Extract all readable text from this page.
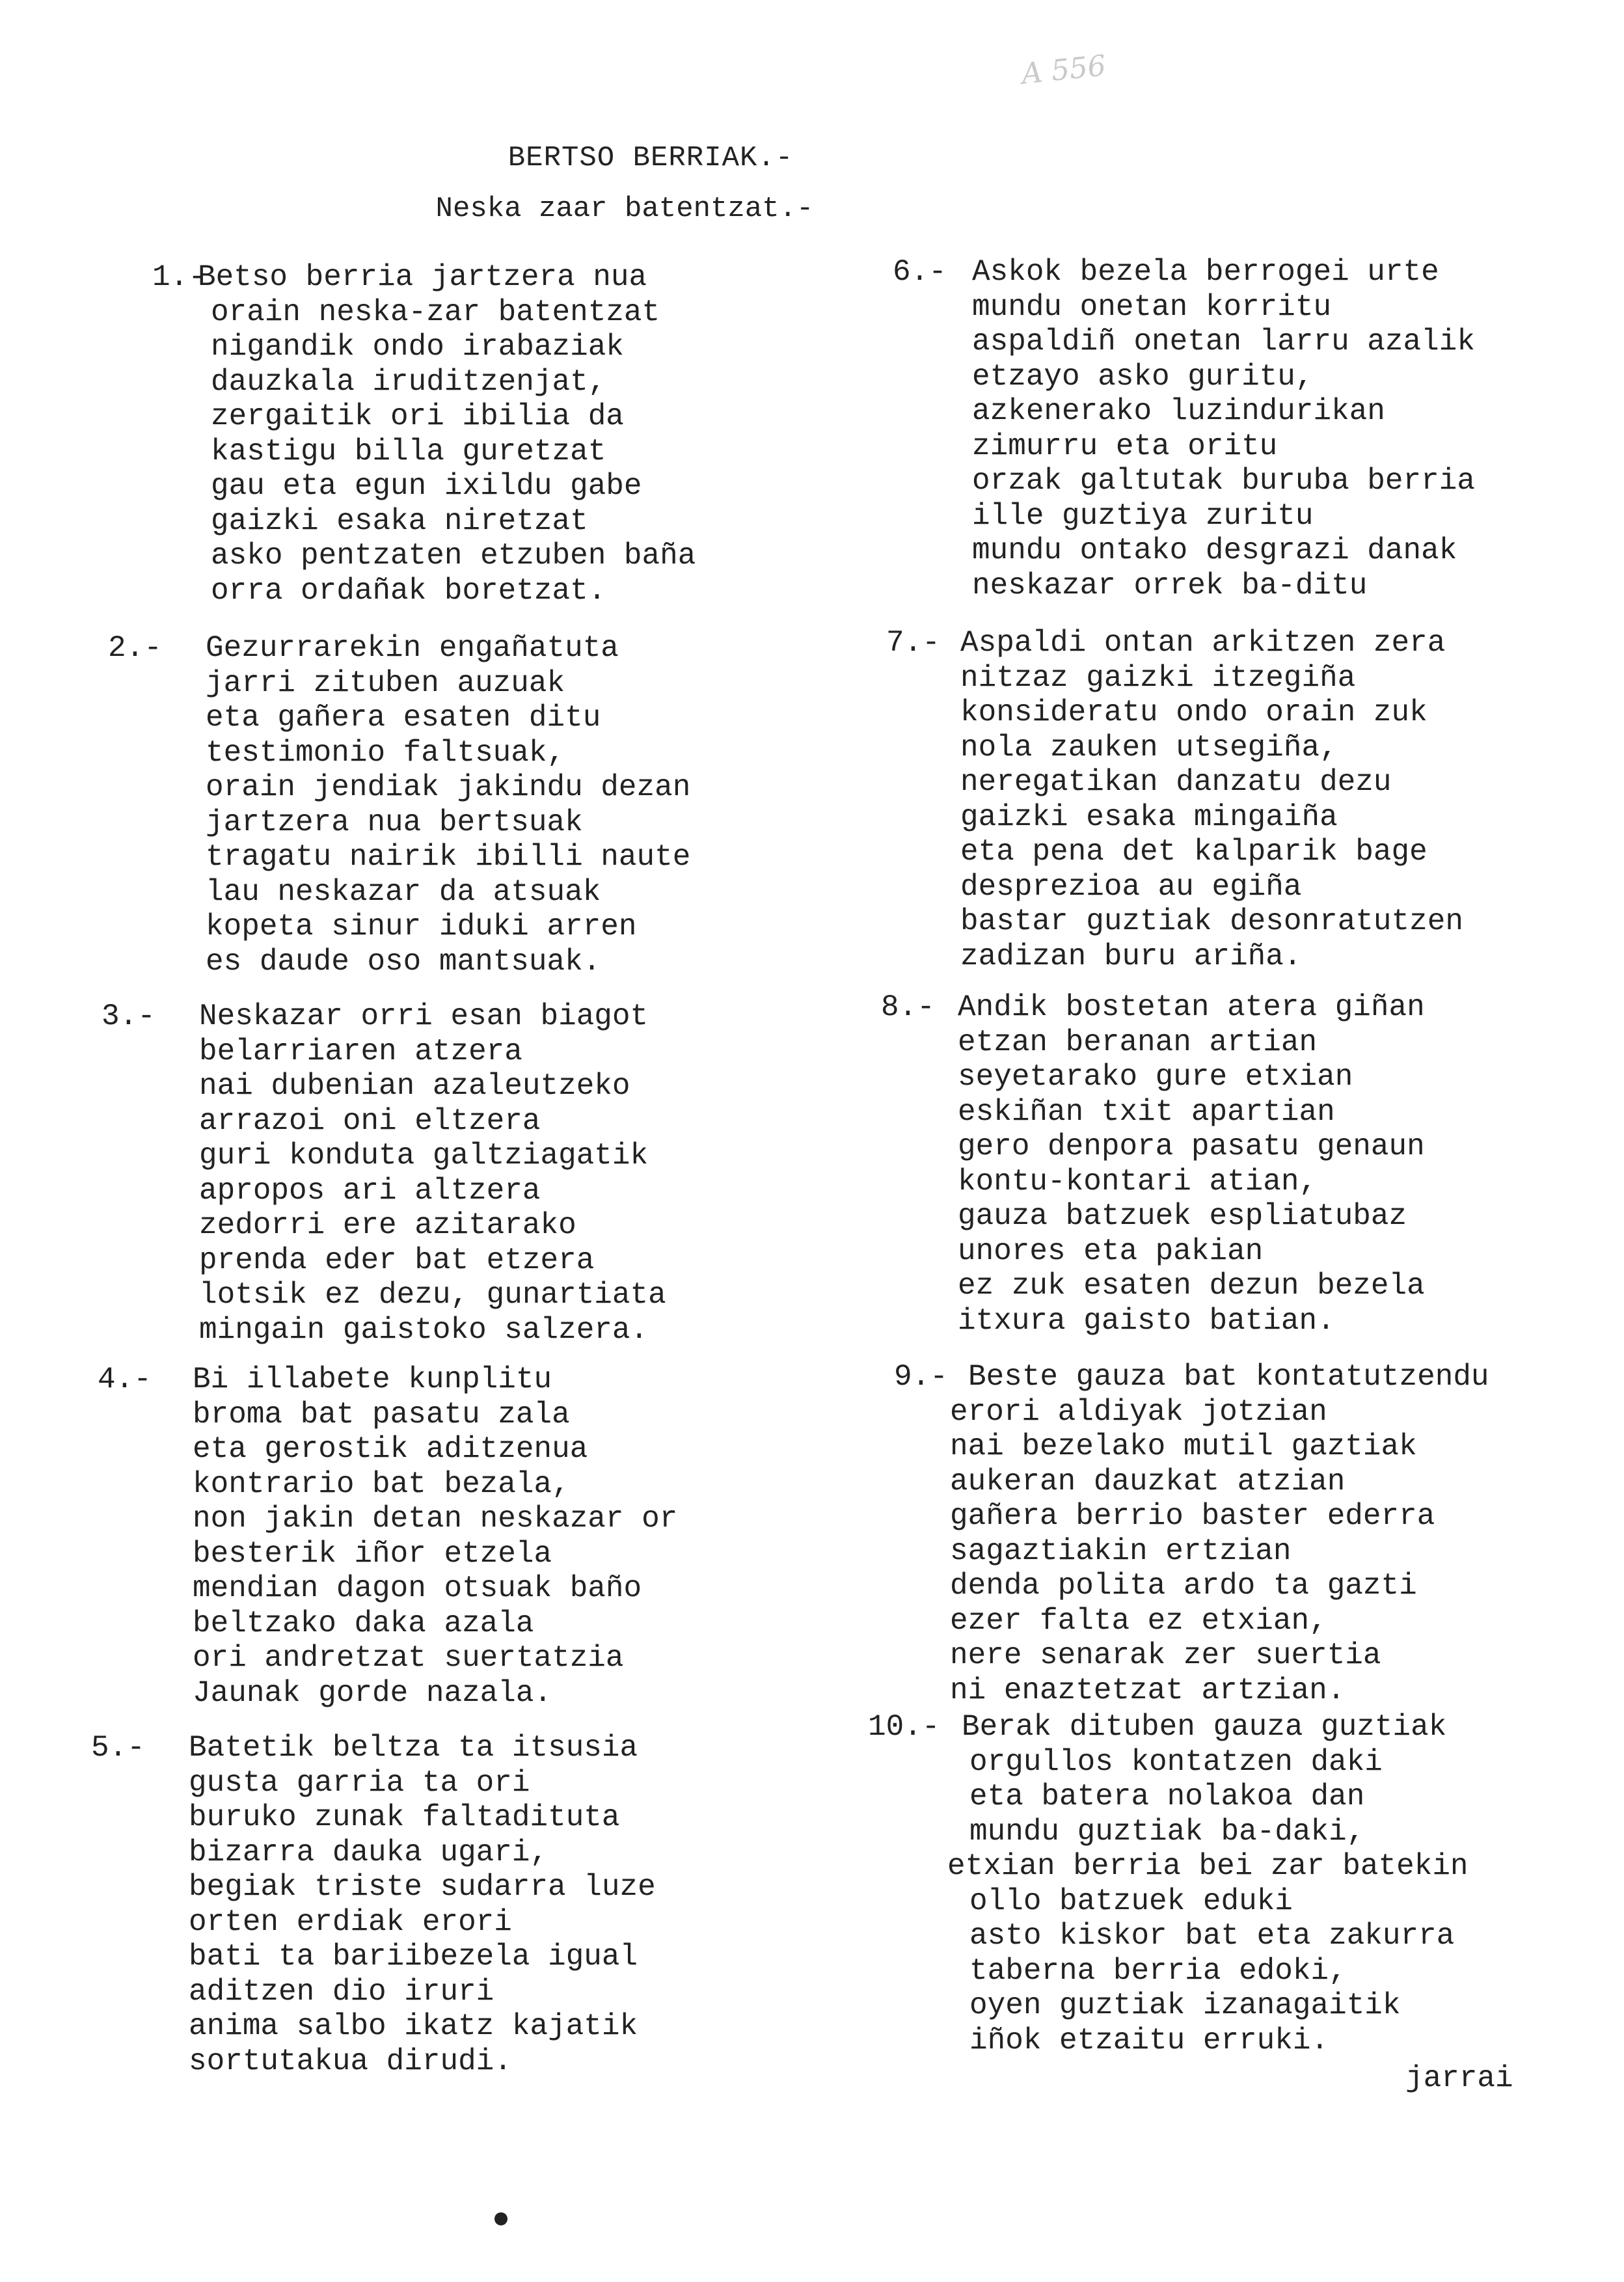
A 556
BERTSO BERRIAK.-
Neska zaar batentzat.-
1.-
Betso berria jartzera nua
orain neska-zar batentzat
nigandik ondo irabaziak
dauzkala iruditzenjat,
zergaitik ori ibilia da
kastigu billa guretzat
gau eta egun ixildu gabe
gaizki esaka niretzat
asko pentzaten etzuben baña
orra ordañak boretzat.
2.- Gezurrarekin engañatuta
jarri zituben auzuak
eta gañera esaten ditu
testimonio faltsuak,
orain jendiak jakindu dezan
jartzera nua bertsuak
tragatu nairik ibilli naute
lau neskazar da atsuak
kopeta sinur iduki arren
es daude oso mantsuak.
3.- Neskazar orri esan biagot
belarriaren atzera
nai dubenian azaleutzeko
arrazoi oni eltzera
guri konduta galtziagatik
apropos ari altzera
zedorri ere azitarako
prenda eder bat etzera
lotsik ez dezu, gunartiata
mingain gaistoko salzera.
4.- Bi illabete kunplitu
broma bat pasatu zala
eta gerostik aditzenua
kontrario bat bezala,
non jakin detan neskazar or
besterik iñor etzela
mendian dagon otsuak baño
beltzako daka azala
ori andretzat suertatzia
Jaunak gorde nazala.
5.- Batetik beltza ta itsusia
gusta garria ta ori
buruko zunak faltadituta
bizarra dauka ugari,
begiak triste sudarra luze
orten erdiak erori
bati ta bariibezela igual
aditzen dio iruri
anima salbo ikatz kajatik
sortutakua dirudi.
6.- Askok bezela berrogei urte
mundu onetan korritu
aspaldiñ onetan larru azalik
etzayo asko guritu,
azkenerako luzindurikan
zimurru eta oritu
orzak galtutak buruba berria
ille guztiya zuritu
mundu ontako desgrazi danak
neskazar orrek ba-ditu
7.- Aspaldi ontan arkitzen zera
nitzaz gaizki itzegiña
konsideratu ondo orain zuk
nola zauken utsegiña,
neregatikan danzatu dezu
gaizki esaka mingaiña
eta pena det kalparik bage
desprezioa au egiña
bastar guztiak desonratutzen
zadizan buru ariña.
8.- Andik bostetan atera giñan
etzan beranan artian
seyetarako gure etxian
eskiñan txit apartian
gero denpora pasatu genaun
kontu-kontari atian,
gauza batzuek espliatubaz
unores eta pakian
ez zuk esaten dezun bezela
itxura gaisto batian.
9.- Beste gauza bat kontatutzendu
erori aldiyak jotzian
nai bezelako mutil gaztiak
aukeran dauzkat atzian
gañera berrio baster ederra
sagaztiakin ertzian
denda polita ardo ta gazti
ezer falta ez etxian,
nere senarak zer suertia
ni enaztetzat artzian.
10.- Berak dituben gauza guztiak
orgullos kontatzen daki
eta batera nolakoa dan
mundu guztiak ba-daki,
etxian berria bei zar batekin
ollo batzuek eduki
asto kiskor bat eta zakurra
taberna berria edoki,
oyen guztiak izanagaitik
iñok etzaitu erruki.
jarrai
